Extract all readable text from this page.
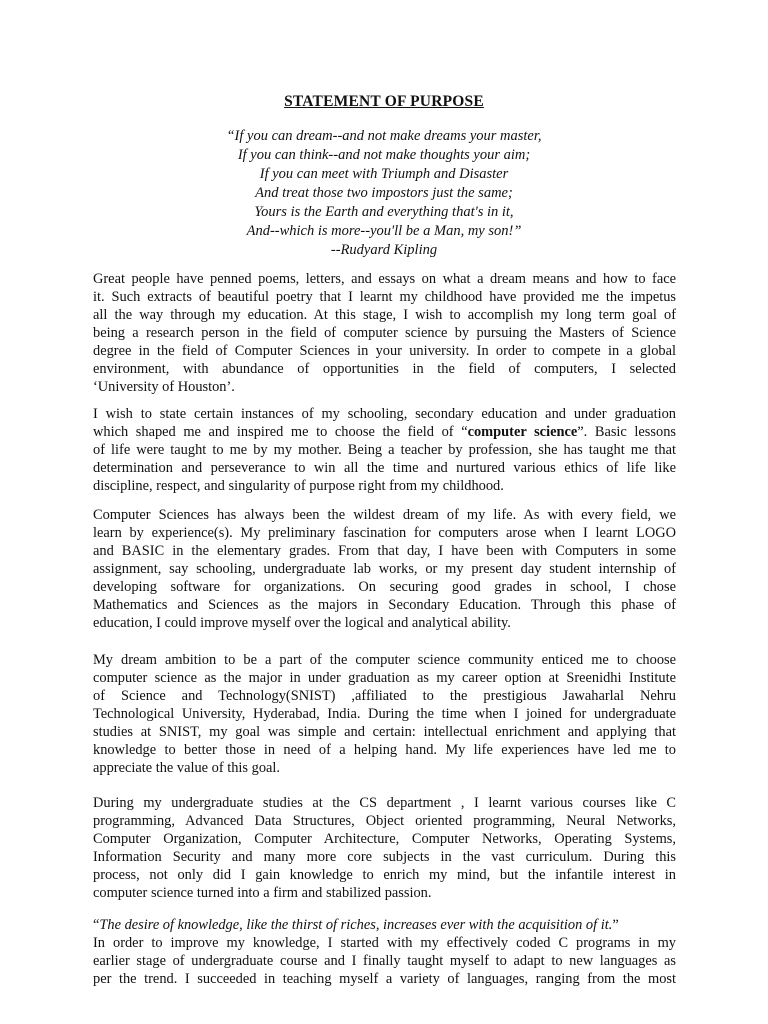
STATEMENT OF PURPOSE
“If you can dream--and not make dreams your master,
If you can think--and not make thoughts your aim;
If you can meet with Triumph and Disaster
And treat those two impostors just the same;
Yours is the Earth and everything that's in it,
And--which is more--you'll be a Man, my son!”
--Rudyard Kipling
Great people have penned poems, letters, and essays on what a dream means and how to face
it. Such extracts of beautiful poetry that I learnt my childhood have provided me the impetus
all the way through my education. At this stage, I wish to accomplish my long term goal of
being a research person in the field of computer science by pursuing the Masters of Science
degree in the field of Computer Sciences in your university. In order to compete in a global
environment, with abundance of opportunities in the field of computers, I selected
‘University of Houston’.
I wish to state certain instances of my schooling, secondary education and under graduation
which shaped me and inspired me to choose the field of “computer science”. Basic lessons
of life were taught to me by my mother. Being a teacher by profession, she has taught me that
determination and perseverance to win all the time and nurtured various ethics of life like
discipline, respect, and singularity of purpose right from my childhood.
Computer Sciences has always been the wildest dream of my life. As with every field, we
learn by experience(s). My preliminary fascination for computers arose when I learnt LOGO
and BASIC in the elementary grades. From that day, I have been with Computers in some
assignment, say schooling, undergraduate lab works, or my present day student internship of
developing software for organizations. On securing good grades in school, I chose
Mathematics and Sciences as the majors in Secondary Education. Through this phase of
education, I could improve myself over the logical and analytical ability.
My dream ambition to be a part of the computer science community enticed me to choose
computer science as the major in under graduation as my career option at Sreenidhi Institute
of Science and Technology(SNIST) ,affiliated to the prestigious Jawaharlal Nehru
Technological University, Hyderabad, India. During the time when I joined for undergraduate
studies at SNIST, my goal was simple and certain: intellectual enrichment and applying that
knowledge to better those in need of a helping hand. My life experiences have led me to
appreciate the value of this goal.
During my undergraduate studies at the CS department , I learnt various courses like C
programming, Advanced Data Structures, Object oriented programming, Neural Networks,
Computer Organization, Computer Architecture, Computer Networks, Operating Systems,
Information Security and many more core subjects in the vast curriculum. During this
process, not only did I gain knowledge to enrich my mind, but the infantile interest in
computer science turned into a firm and stabilized passion.
“The desire of knowledge, like the thirst of riches, increases ever with the acquisition of it.”
In order to improve my knowledge, I started with my effectively coded C programs in my
earlier stage of undergraduate course and I finally taught myself to adapt to new languages as
per the trend. I succeeded in teaching myself a variety of languages, ranging from the most
